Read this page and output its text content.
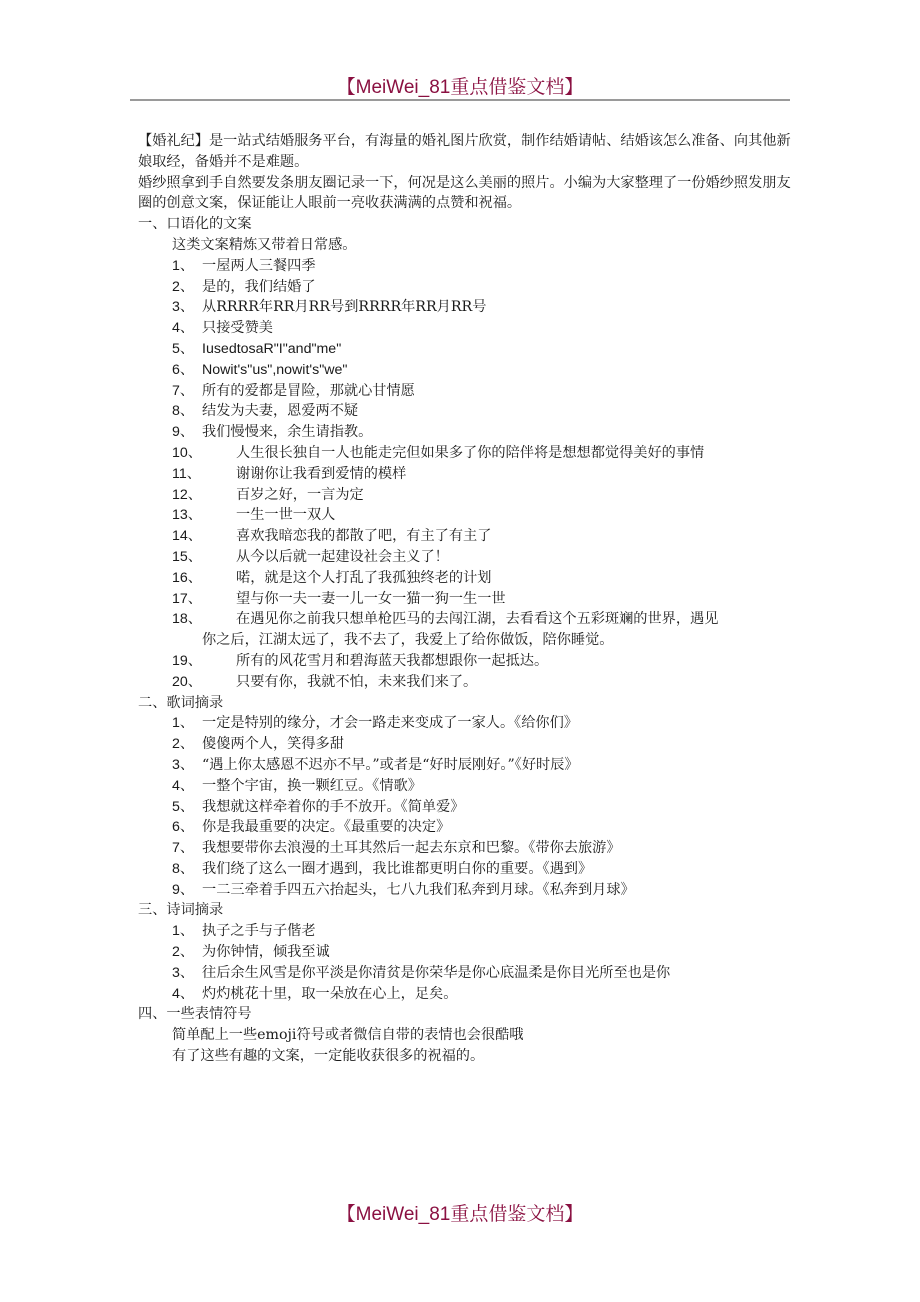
【MeiWei_81重点借鉴文档】
【婚礼纪】是一站式结婚服务平台，有海量的婚礼图片欣赏，制作结婚请帖、结婚该怎么准备、向其他新娘取经，备婚并不是难题。
婚纱照拿到手自然要发条朋友圈记录一下，何况是这么美丽的照片。小编为大家整理了一份婚纱照发朋友圈的创意文案，保证能让人眼前一亮收获满满的点赞和祝福。
一、口语化的文案
这类文案精炼又带着日常感。
1、 一屋两人三餐四季
2、 是的，我们结婚了
3、 从RRRR年RR月RR号到RRRR年RR月RR号
4、 只接受赞美
5、 IusedtosaR"I"and"me"
6、 Nowit's"us",nowit's"we"
7、 所有的爱都是冒险，那就心甘情愿
8、 结发为夫妻，恩爱两不疑
9、 我们慢慢来，余生请指教。
10、 人生很长独自一人也能走完但如果多了你的陪伴将是想想都觉得美好的事情
11、 谢谢你让我看到爱情的模样
12、 百岁之好，一言为定
13、 一生一世一双人
14、 喜欢我暗恋我的都散了吧，有主了有主了
15、 从今以后就一起建设社会主义了！
16、 喏，就是这个人打乱了我孤独终老的计划
17、 望与你一夫一妻一儿一女一猫一狗一生一世
18、 在遇见你之前我只想单枪匹马的去闯江湖，去看看这个五彩斑斓的世界，遇见
你之后，江湖太远了，我不去了，我爱上了给你做饭，陪你睡觉。
19、 所有的风花雪月和碧海蓝天我都想跟你一起抵达。
20、 只要有你，我就不怕，未来我们来了。
二、歌词摘录
1、 一定是特别的缘分，才会一路走来变成了一家人。《给你们》
2、 傻傻两个人，笑得多甜
3、 “遇上你太感恩不迟亦不早。”或者是“好时辰刚好。”《好时辰》
4、 一整个宇宙，换一颗红豆。《情歌》
5、 我想就这样牵着你的手不放开。《简单爱》
6、 你是我最重要的决定。《最重要的决定》
7、 我想要带你去浪漫的土耳其然后一起去东京和巴黎。《带你去旅游》
8、 我们绕了这么一圈才遇到，我比谁都更明白你的重要。《遇到》
9、 一二三牵着手四五六抬起头，七八九我们私奔到月球。《私奔到月球》
三、诗词摘录
1、 执子之手与子偕老
2、 为你钟情，倾我至诚
3、 往后余生风雪是你平淡是你清贫是你荣华是你心底温柔是你目光所至也是你
4、 灼灼桃花十里，取一朵放在心上，足矣。
四、一些表情符号
简单配上一些emoji符号或者微信自带的表情也会很酷哦
有了这些有趣的文案，一定能收获很多的祝福的。
【MeiWei_81重点借鉴文档】
